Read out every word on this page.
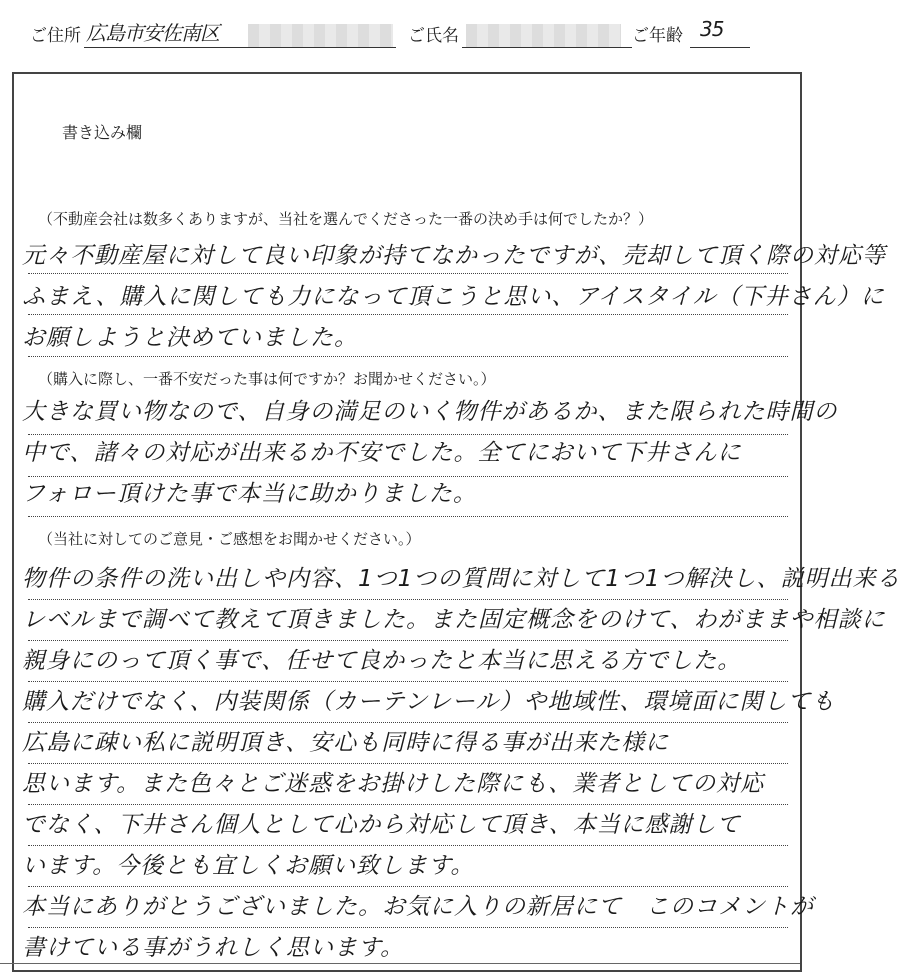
ご住所 広島市安佐南区	ご氏名	ご年齢 35
書き込み欄
（不動産会社は数多くありますが、当社を選んでくださった一番の決め手は何でしたか？）
元々不動産屋に対して良い印象が持てなかったですが、売却して頂く際の対応等
ふまえ、購入に関しても力になって頂こうと思い、アイスタイル（下井さん）に
お願しようと決めていました。
（購入に際し、一番不安だった事は何ですか？お聞かせください。）
大きな買い物なので、自身の満足のいく物件があるか、また限られた時間の
中で、諸々の対応が出来るか不安でした。全てにおいて下井さんに
フォロー頂けた事で本当に助かりました。
（当社に対してのご意見・ご感想をお聞かせください。）
物件の条件の洗い出しや内容、1つ1つの質問に対して1つ1つ解決し、説明出来る
レベルまで調べて教えて頂きました。また固定概念をのけて、わがままや相談に
親身にのって頂く事で、任せて良かったと本当に思える方でした。
購入だけでなく、内装関係（カーテンレール）や地域性、環境面に関しても
広島に疎い私に説明頂き、安心も同時に得る事が出来た様に
思います。また色々とご迷惑をお掛けした際にも、業者としての対応
でなく、下井さん個人として心から対応して頂き、本当に感謝して
います。今後とも宜しくお願い致します。
本当にありがとうございました。お気に入りの新居にて　このコメントが
書けている事がうれしく思います。
